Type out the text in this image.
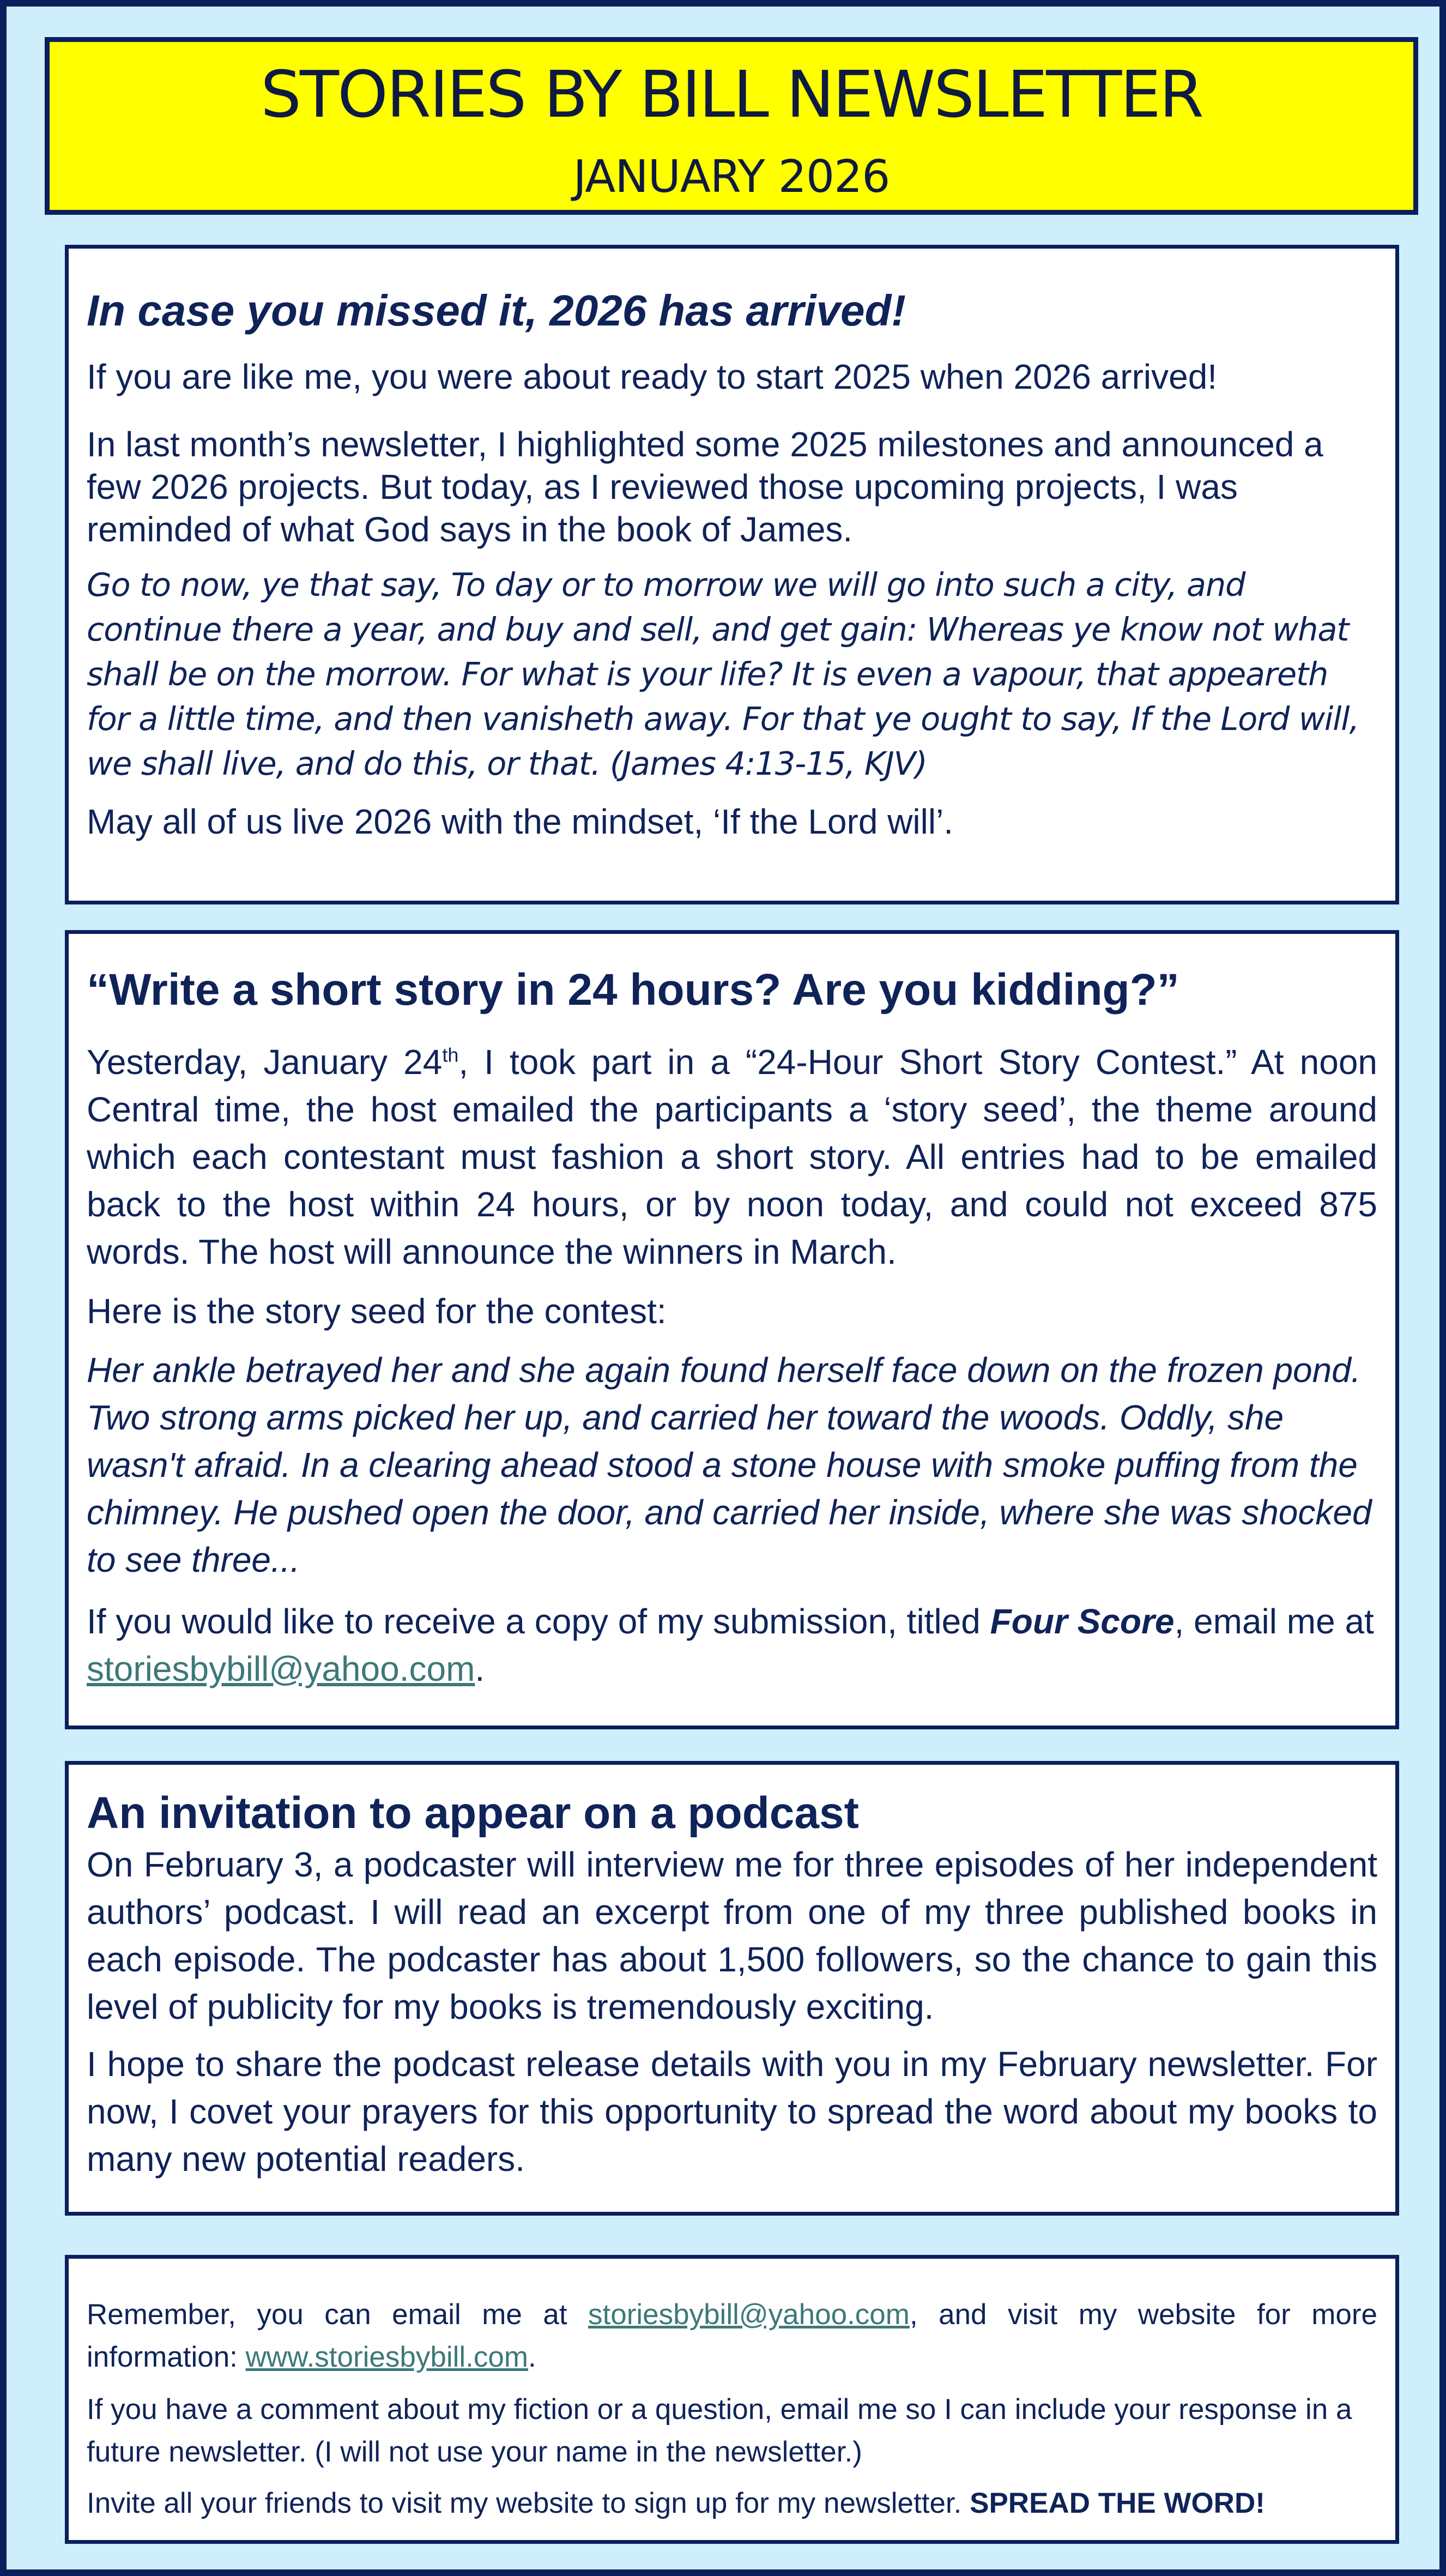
STORIES BY BILL NEWSLETTER
JANUARY 2026
In case you missed it, 2026 has arrived!

If you are like me, you were about ready to start 2025 when 2026 arrived!

In last month’s newsletter, I highlighted some 2025 milestones and announced a few 2026 projects. But today, as I reviewed those upcoming projects, I was reminded of what God says in the book of James.

Go to now, ye that say, To day or to morrow we will go into such a city, and continue there a year, and buy and sell, and get gain: Whereas ye know not what shall be on the morrow. For what is your life? It is even a vapour, that appeareth for a little time, and then vanisheth away. For that ye ought to say, If the Lord will, we shall live, and do this, or that. (James 4:13-15, KJV)

May all of us live 2026 with the mindset, ‘If the Lord will’.

“Write a short story in 24 hours? Are you kidding?”

Yesterday, January 24th, I took part in a “24-Hour Short Story Contest.” At noon Central time, the host emailed the participants a ‘story seed’, the theme around which each contestant must fashion a short story. All entries had to be emailed back to the host within 24 hours, or by noon today, and could not exceed 875 words. The host will announce the winners in March.

Here is the story seed for the contest:

Her ankle betrayed her and she again found herself face down on the frozen pond. Two strong arms picked her up, and carried her toward the woods. Oddly, she wasn't afraid. In a clearing ahead stood a stone house with smoke puffing from the chimney. He pushed open the door, and carried her inside, where she was shocked to see three...

If you would like to receive a copy of my submission, titled Four Score, email me at storiesbybill@yahoo.com.

An invitation to appear on a podcast

On February 3, a podcaster will interview me for three episodes of her independent authors’ podcast. I will read an excerpt from one of my three published books in each episode. The podcaster has about 1,500 followers, so the chance to gain this level of publicity for my books is tremendously exciting.

I hope to share the podcast release details with you in my February newsletter. For now, I covet your prayers for this opportunity to spread the word about my books to many new potential readers.

Remember, you can email me at storiesbybill@yahoo.com, and visit my website for more information: www.storiesbybill.com.

If you have a comment about my fiction or a question, email me so I can include your response in a future newsletter. (I will not use your name in the newsletter.)

Invite all your friends to visit my website to sign up for my newsletter. SPREAD THE WORD!
